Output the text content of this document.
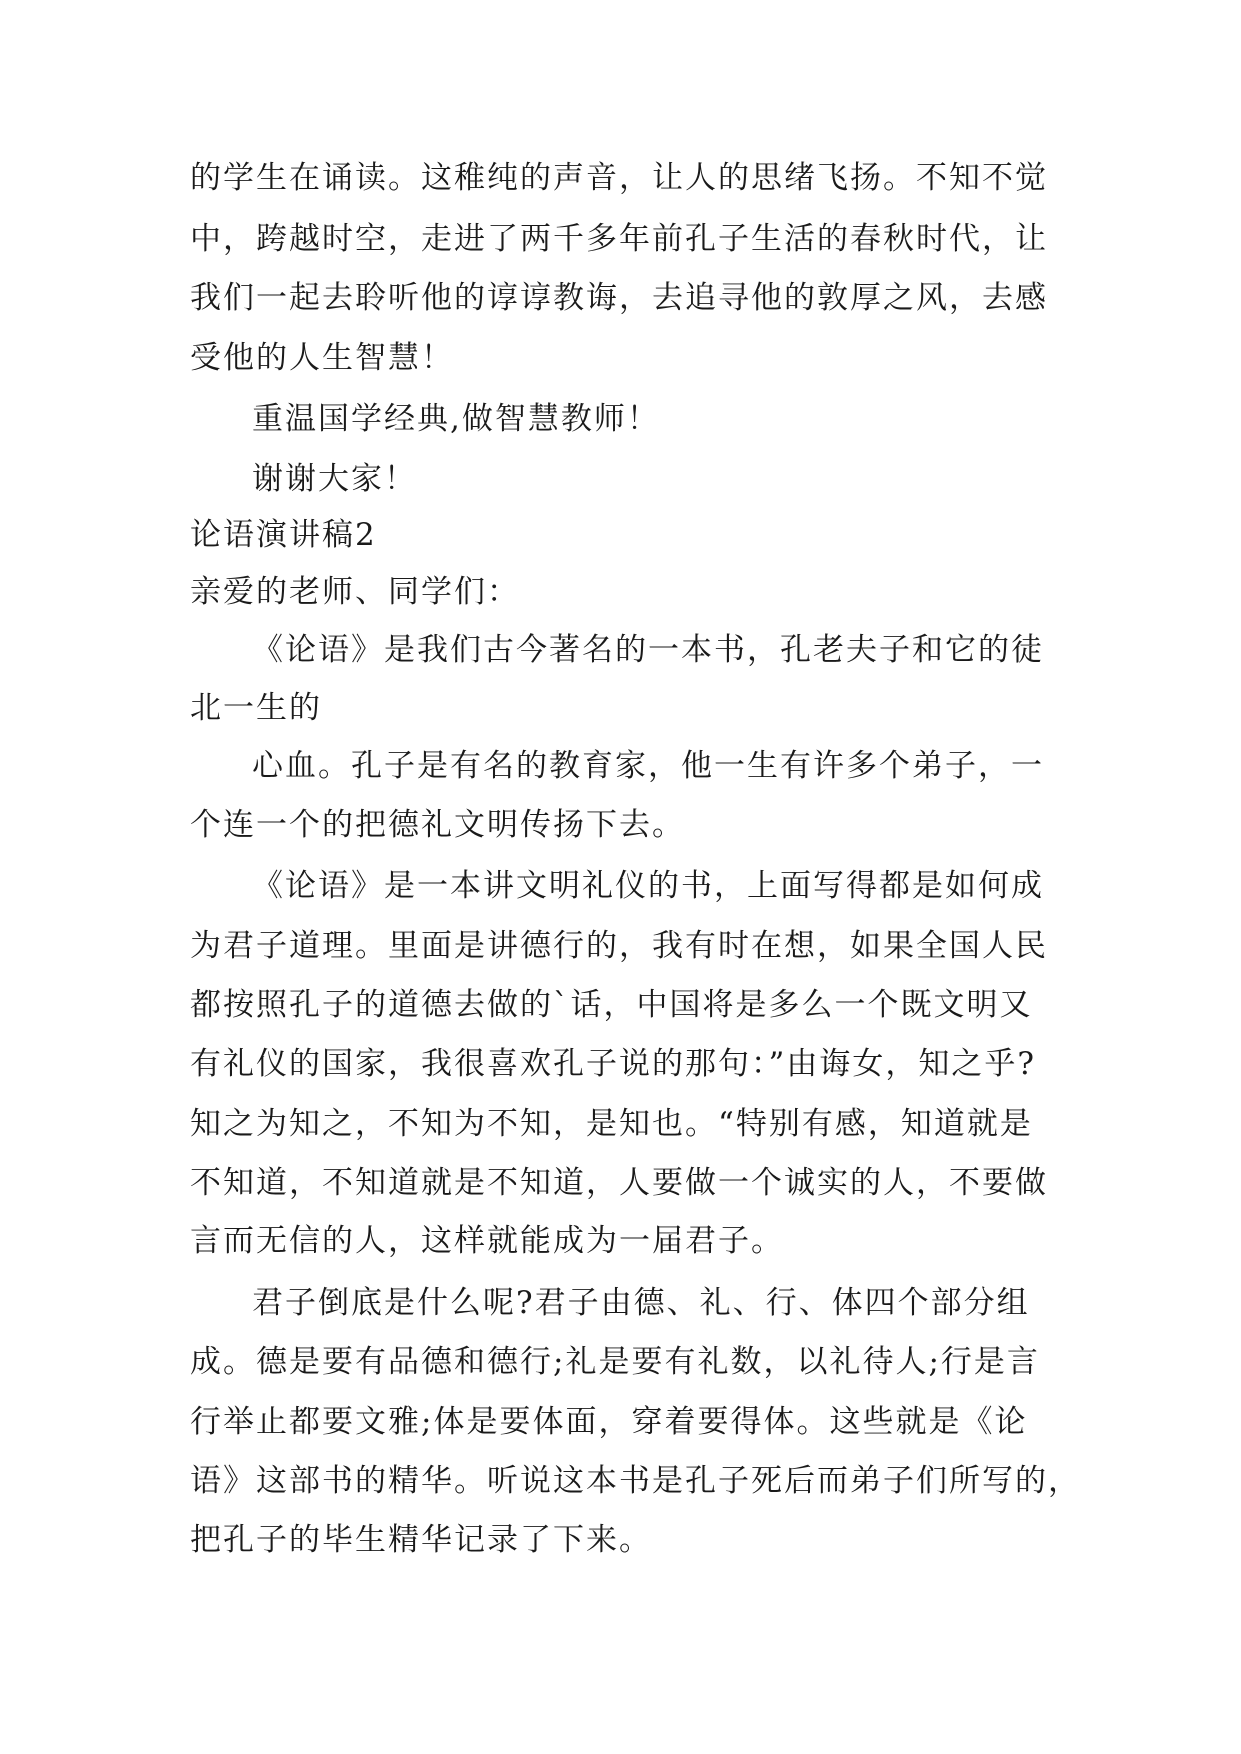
的学生在诵读。这稚纯的声音，让人的思绪飞扬。不知不觉
中，跨越时空，走进了两千多年前孔子生活的春秋时代，让
我们一起去聆听他的谆谆教诲，去追寻他的敦厚之风，去感
受他的人生智慧！
重温国学经典,做智慧教师！
谢谢大家！
论语演讲稿2
亲爱的老师、同学们：
《论语》是我们古今著名的一本书，孔老夫子和它的徒
北一生的
心血。孔子是有名的教育家，他一生有许多个弟子，一
个连一个的把德礼文明传扬下去。
《论语》是一本讲文明礼仪的书，上面写得都是如何成
为君子道理。里面是讲德行的，我有时在想，如果全国人民
都按照孔子的道德去做的`话，中国将是多么一个既文明又
有礼仪的国家，我很喜欢孔子说的那句：”由诲女，知之乎?
知之为知之，不知为不知，是知也。“特别有感，知道就是
不知道，不知道就是不知道，人要做一个诚实的人，不要做
言而无信的人，这样就能成为一届君子。
君子倒底是什么呢?君子由德、礼、行、体四个部分组
成。德是要有品德和德行;礼是要有礼数，以礼待人;行是言
行举止都要文雅;体是要体面，穿着要得体。这些就是《论
语》这部书的精华。听说这本书是孔子死后而弟子们所写的，
把孔子的毕生精华记录了下来。
